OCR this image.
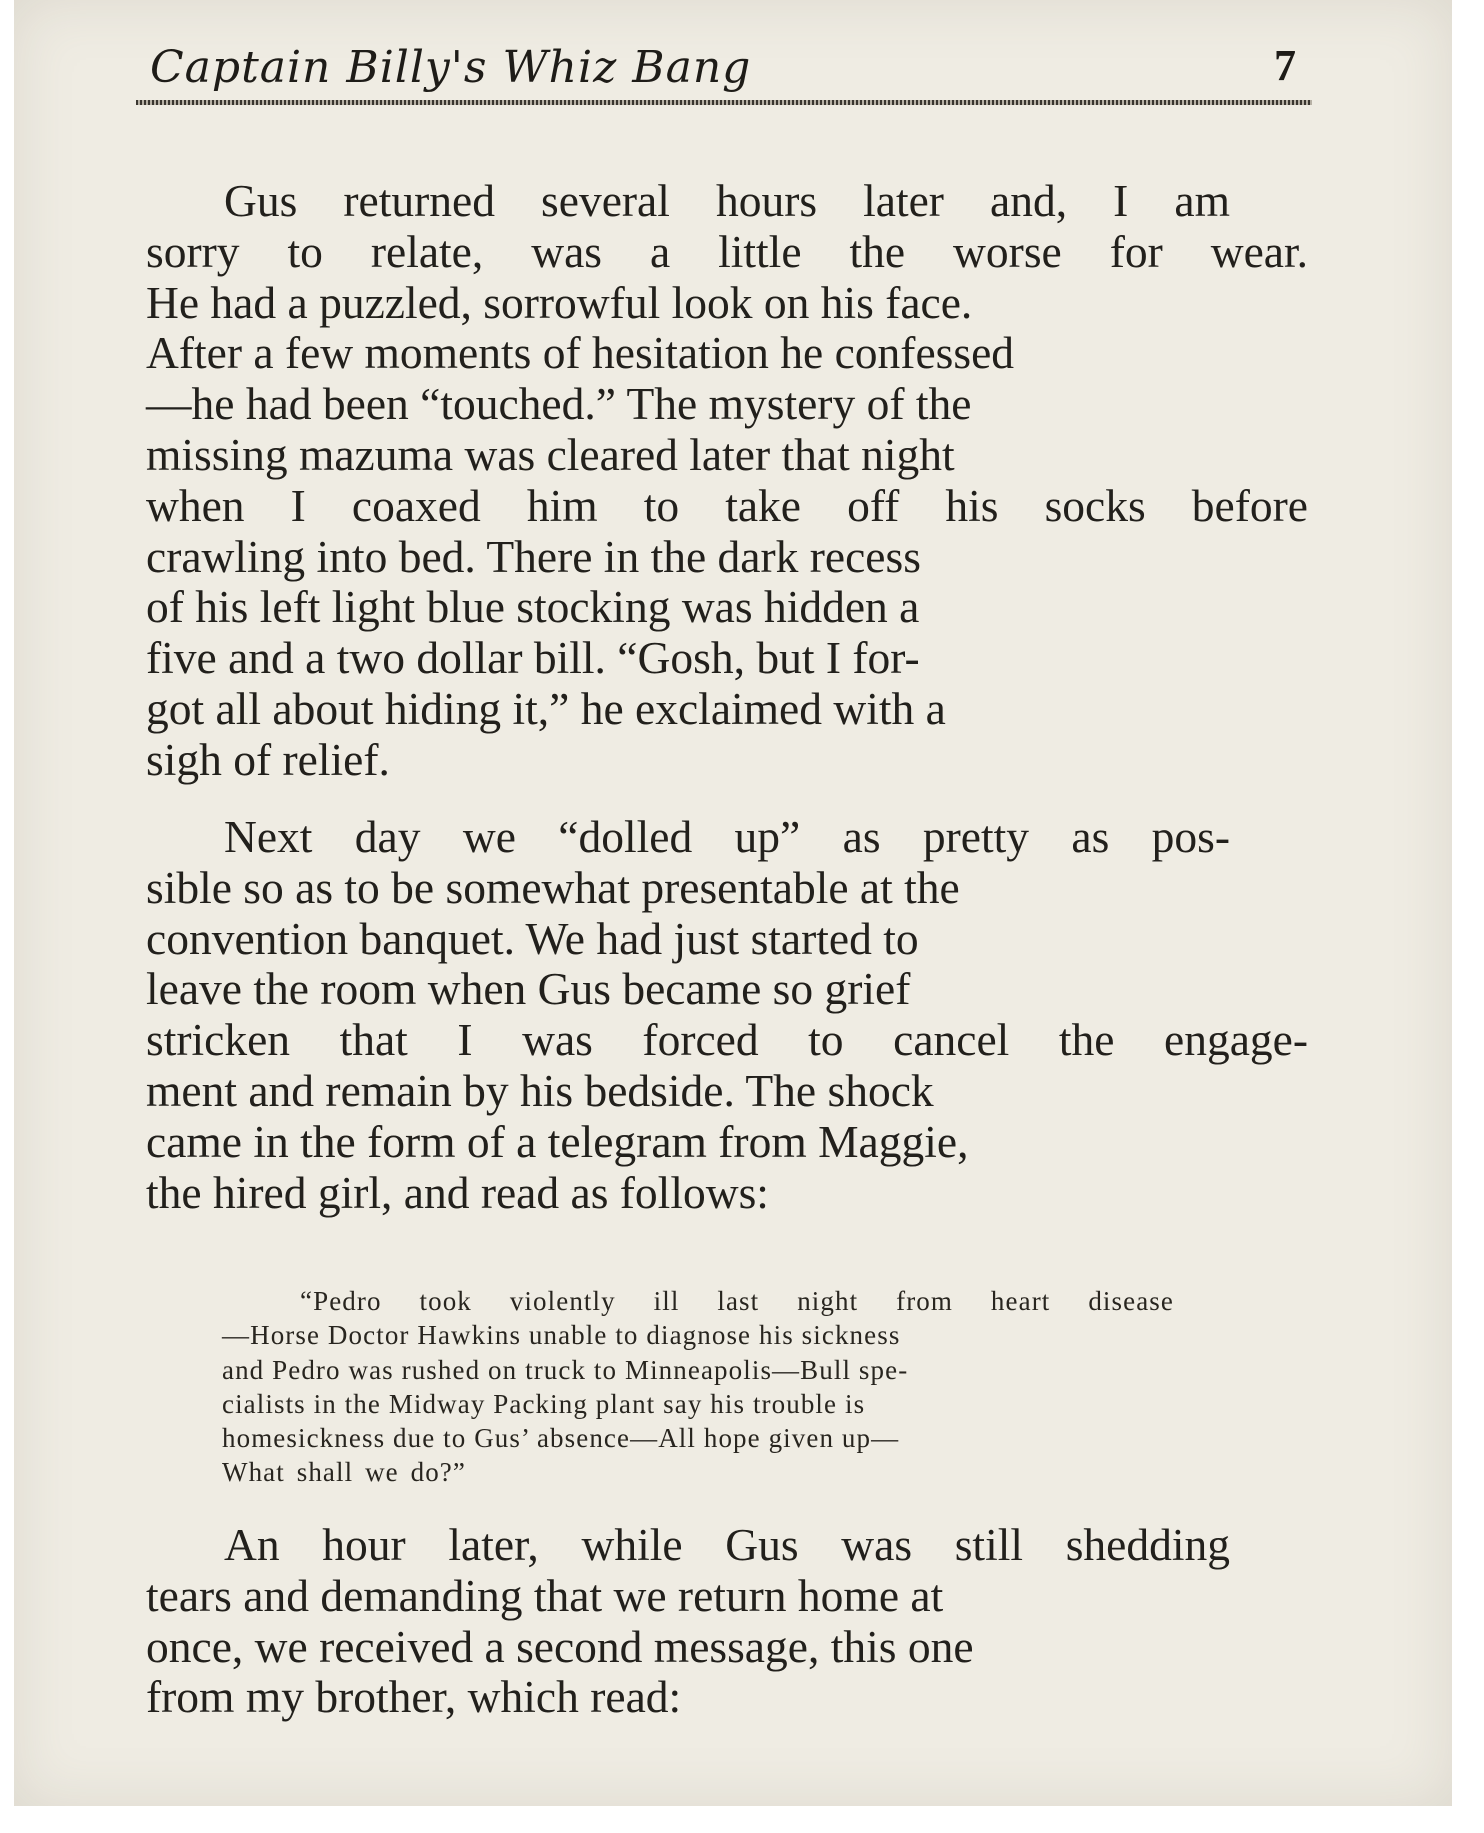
Captain Billy's Whiz Bang	7
Gus returned several hours later and, I am
sorry to relate, was a little the worse for wear.
He had a puzzled, sorrowful look on his face.
After a few moments of hesitation he confessed
—he had been “touched.” The mystery of the
missing mazuma was cleared later that night
when I coaxed him to take off his socks before
crawling into bed. There in the dark recess
of his left light blue stocking was hidden a
five and a two dollar bill. “Gosh, but I for-
got all about hiding it,” he exclaimed with a
sigh of relief.
Next day we “dolled up” as pretty as pos-
sible so as to be somewhat presentable at the
convention banquet. We had just started to
leave the room when Gus became so grief
stricken that I was forced to cancel the engage-
ment and remain by his bedside. The shock
came in the form of a telegram from Maggie,
the hired girl, and read as follows:
“Pedro took violently ill last night from heart disease
—Horse Doctor Hawkins unable to diagnose his sickness
and Pedro was rushed on truck to Minneapolis—Bull spe-
cialists in the Midway Packing plant say his trouble is
homesickness due to Gus’ absence—All hope given up—
What shall we do?”
An hour later, while Gus was still shedding
tears and demanding that we return home at
once, we received a second message, this one
from my brother, which read:
